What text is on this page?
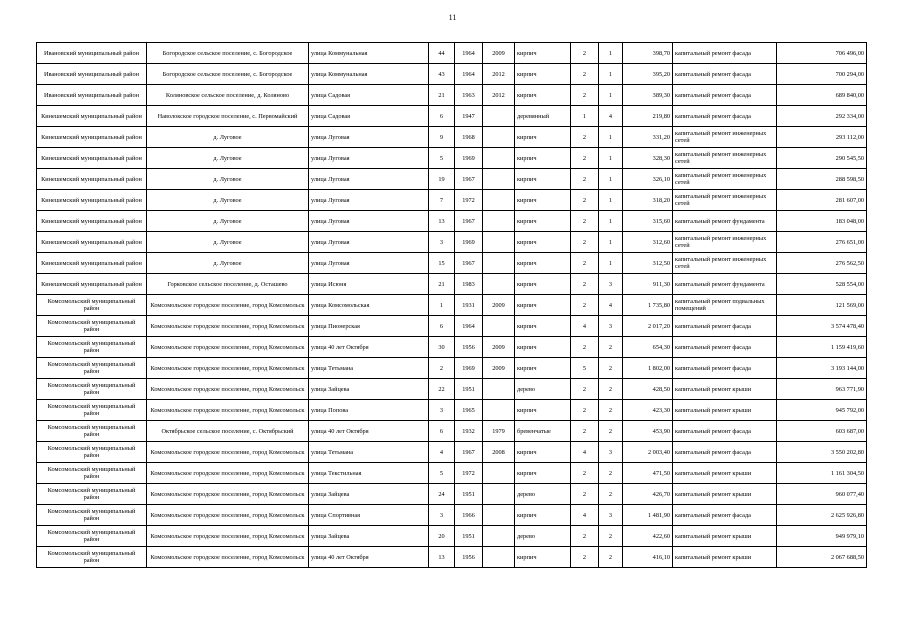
11
Ивановский муниципальный район	Богородское сельское поселение, с. Богородское	улица Коммунальная	44	1964	2009	кирпич	2	1	398,70	капитальный ремонт фасада	706 496,00
Ивановский муниципальный район	Богородское сельское поселение, с. Богородское	улица Коммунальная	43	1964	2012	кирпич	2	1	395,20	капитальный ремонт фасада	700 294,00
Ивановский муниципальный район	Коляновское сельское поселение, д. Коляново	улица Садовая	21	1963	2012	кирпич	2	1	389,30	капитальный ремонт фасада	689 840,00
Кинешемский муниципальный район	Наволокское городское поселение, с. Первомайский	улица Садовая	6	1947		деревянный	1	4	219,80	капитальный ремонт фасада	292 334,00
Кинешемский муниципальный район	д. Луговое	улица Луговая	9	1968		кирпич	2	1	331,20	капитальный ремонт инженерных сетей	293 112,00
Кинешемский муниципальный район	д. Луговое	улица Луговая	5	1969		кирпич	2	1	328,30	капитальный ремонт инженерных сетей	290 545,50
Кинешемский муниципальный район	д. Луговое	улица Луговая	19	1967		кирпич	2	1	326,10	капитальный ремонт инженерных сетей	288 598,50
Кинешемский муниципальный район	д. Луговое	улица Луговая	7	1972		кирпич	2	1	318,20	капитальный ремонт инженерных сетей	281 607,00
Кинешемский муниципальный район	д. Луговое	улица Луговая	13	1967		кирпич	2	1	315,60	капитальный ремонт фундамента	183 048,00
Кинешемский муниципальный район	д. Луговое	улица Луговая	3	1969		кирпич	2	1	312,60	капитальный ремонт инженерных сетей	276 651,00
Кинешемский муниципальный район	д. Луговое	улица Луговая	15	1967		кирпич	2	1	312,50	капитальный ремонт инженерных сетей	276 562,50
Кинешемский муниципальный район	Горковское сельское поселение, д. Осташево	улица Исюня	21	1983		кирпич	2	3	911,30	капитальный ремонт фундамента	528 554,00
Комсомольский муниципальный район	Комсомольское городское поселение, город Комсомольск	улица Комсомольская	1	1931	2009	кирпич	2	4	1 735,80	капитальный ремонт подвальных помещений	121 569,00
Комсомольский муниципальный район	Комсомольское городское поселение, город Комсомольск	улица Пионерская	6	1964		кирпич	4	3	2 017,20	капитальный ремонт фасада	3 574 478,40
Комсомольский муниципальный район	Комсомольское городское поселение, город Комсомольск	улица 40 лет Октября	30	1956	2009	кирпич	2	2	654,30	капитальный ремонт фасада	1 159 419,60
Комсомольский муниципальный район	Комсомольское городское поселение, город Комсомольск	улица Тетьмана	2	1969	2009	кирпич	5	2	1 802,00	капитальный ремонт фасада	3 193 144,00
Комсомольский муниципальный район	Комсомольское городское поселение, город Комсомольск	улица Зайцева	22	1951		дерево	2	2	428,50	капитальный ремонт крыши	963 771,90
Комсомольский муниципальный район	Комсомольское городское поселение, город Комсомольск	улица Попова	3	1965		кирпич	2	2	423,30	капитальный ремонт крыши	945 792,00
Комсомольский муниципальный район	Октябрьское сельское поселение, с. Октябрьский	улица 40 лет Октября	6	1932	1979	бревенчатые	2	2	453,90	капитальный ремонт фасада	603 687,00
Комсомольский муниципальный район	Комсомольское городское поселение, город Комсомольск	улица Тетьмана	4	1967	2008	кирпич	4	3	2 003,40	капитальный ремонт фасада	3 550 202,80
Комсомольский муниципальный район	Комсомольское городское поселение, город Комсомольск	улица Текстильная	5	1972		кирпич	2	2	471,50	капитальный ремонт крыши	1 161 304,50
Комсомольский муниципальный район	Комсомольское городское поселение, город Комсомольск	улица Зайцева	24	1951		дерево	2	2	426,70	капитальный ремонт крыши	960 077,40
Комсомольский муниципальный район	Комсомольское городское поселение, город Комсомольск	улица Спортивная	3	1966		кирпич	4	3	1 481,90	капитальный ремонт фасада	2 625 926,80
Комсомольский муниципальный район	Комсомольское городское поселение, город Комсомольск	улица Зайцева	20	1951		дерево	2	2	422,60	капитальный ремонт крыши	949 979,10
Комсомольский муниципальный район	Комсомольское городское поселение, город Комсомольск	улица 40 лет Октября	13	1956		кирпич	2	2	416,10	капитальный ремонт крыши	2 067 688,50
